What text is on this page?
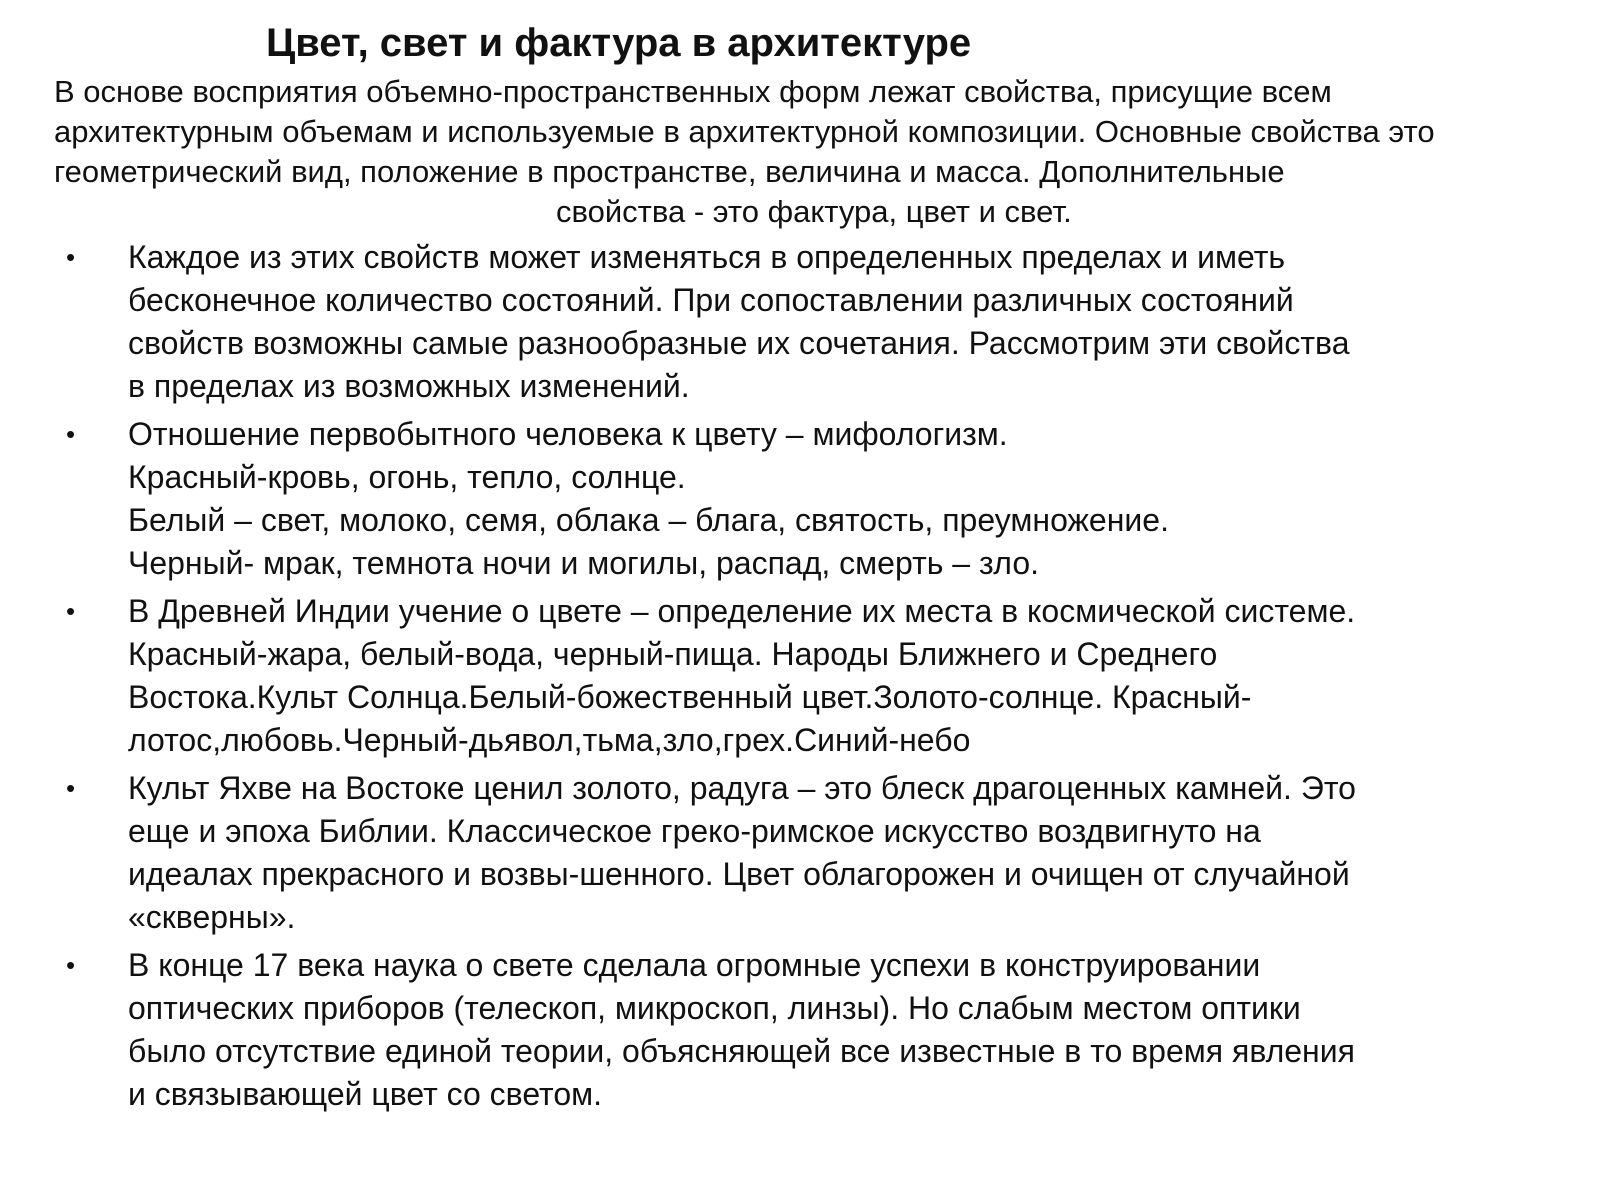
Цвет, свет и фактура в архитектуре

В основе восприятия объемно-пространственных форм лежат свойства, присущие всем
архитектурным объемам и используемые в архитектурной композиции. Основные свойства это
геометрический вид, положение в пространстве, величина и масса. Дополнительные
свойства - это фактура, цвет и свет.

• Каждое из этих свойств может изменяться в определенных пределах и иметь
бесконечное количество состояний. При сопоставлении различных состояний
свойств возможны самые разнообразные их сочетания. Рассмотрим эти свойства
в пределах из возможных изменений.
• Отношение первобытного человека к цвету – мифологизм.
Красный-кровь, огонь, тепло, солнце.
Белый – свет, молоко, семя, облака – блага, святость, преумножение.
Черный- мрак, темнота ночи и могилы, распад, смерть – зло.
• В Древней Индии учение о цвете – определение их места в космической системе.
Красный-жара, белый-вода, черный-пища. Народы Ближнего и Среднего
Востока.Культ Солнца.Белый-божественный цвет.Золото-солнце. Красный-
лотос,любовь.Черный-дьявол,тьма,зло,грех.Синий-небо
• Культ Яхве на Востоке ценил золото, радуга – это блеск драгоценных камней. Это
еще и эпоха Библии. Классическое греко-римское искусство воздвигнуто на
идеалах прекрасного и возвы-шенного. Цвет облагорожен и очищен от случайной
«скверны».
• В конце 17 века наука о свете сделала огромные успехи в конструировании
оптических приборов (телескоп, микроскоп, линзы). Но слабым местом оптики
было отсутствие единой теории, объясняющей все известные в то время явления
и связывающей цвет со светом.
